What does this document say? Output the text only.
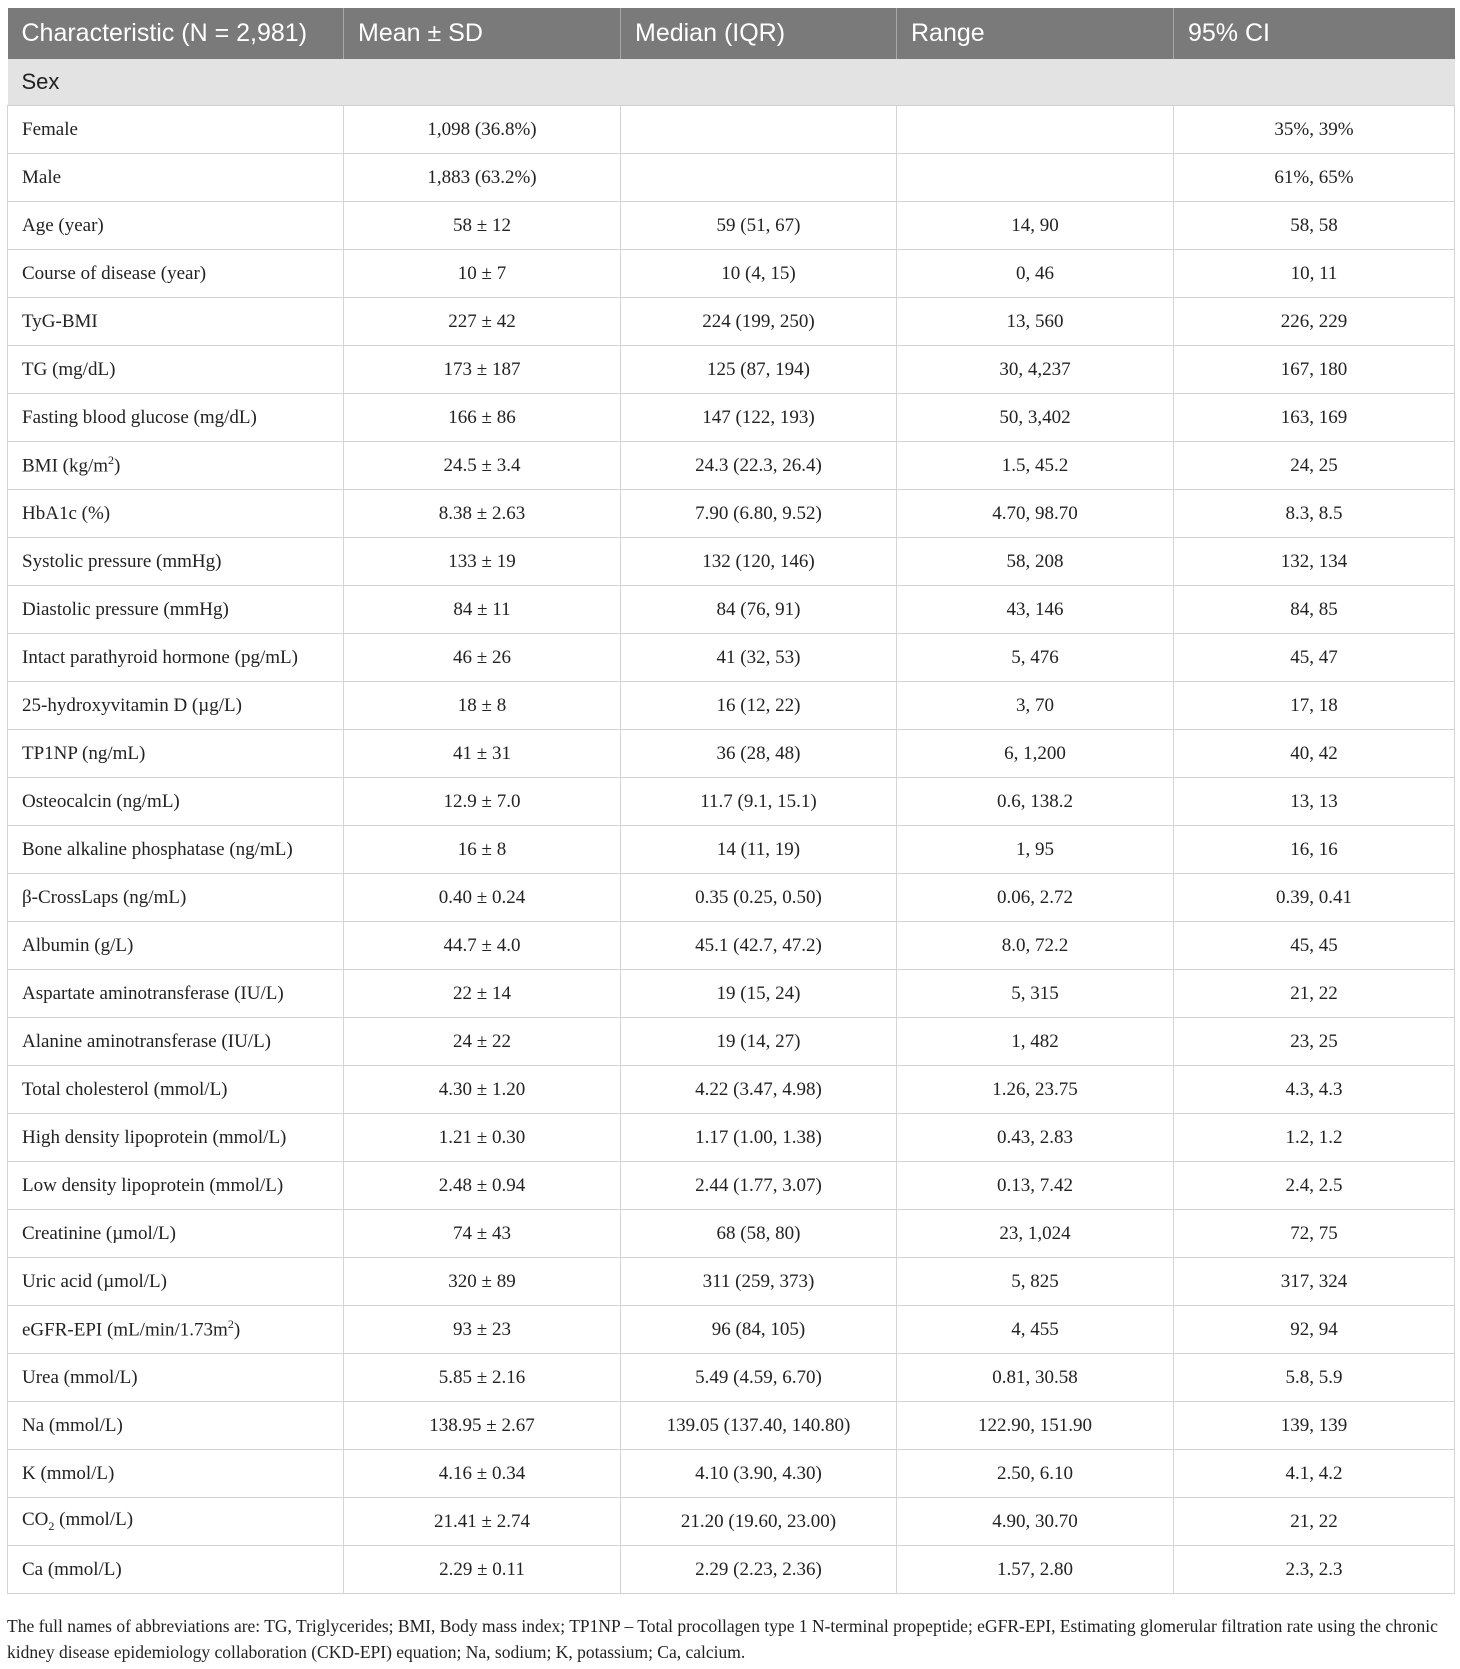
Characteristic (N = 2,981)	Mean ± SD	Median (IQR)	Range	95% CI
Sex				
Female	1,098 (36.8%)			35%, 39%
Male	1,883 (63.2%)			61%, 65%
Age (year)	58 ± 12	59 (51, 67)	14, 90	58, 58
Course of disease (year)	10 ± 7	10 (4, 15)	0, 46	10, 11
TyG-BMI	227 ± 42	224 (199, 250)	13, 560	226, 229
TG (mg/dL)	173 ± 187	125 (87, 194)	30, 4,237	167, 180
Fasting blood glucose (mg/dL)	166 ± 86	147 (122, 193)	50, 3,402	163, 169
BMI $(kg/m^2)$	24.5 ± 3.4	24.3 (22.3, 26.4)	1.5, 45.2	24, 25
HbA1c (%)	8.38 ± 2.63	7.90 (6.80, 9.52)	4.70, 98.70	8.3, 8.5
Systolic pressure (mmHg)	133 ± 19	132 (120, 146)	58, 208	132, 134
Diastolic pressure (mmHg)	84 ± 11	84 (76, 91)	43, 146	84, 85
Intact parathyroid hormone (pg/mL)	46 ± 26	41 (32, 53)	5, 476	45, 47
25-hydroxyvitamin D (µg/L)	18 ± 8	16 (12, 22)	3, 70	17, 18
TP1NP (ng/mL)	41 ± 31	36 (28, 48)	6, 1,200	40, 42
Osteocalcin (ng/mL)	12.9 ± 7.0	11.7 (9.1, 15.1)	0.6, 138.2	13, 13
Bone alkaline phosphatase (ng/mL)	16 ± 8	14 (11, 19)	1, 95	16, 16
β-CrossLaps (ng/mL)	0.40 ± 0.24	0.35 (0.25, 0.50)	0.06, 2.72	0.39, 0.41
Albumin (g/L)	44.7 ± 4.0	45.1 (42.7, 47.2)	8.0, 72.2	45, 45
Aspartate aminotransferase (IU/L)	22 ± 14	19 (15, 24)	5, 315	21, 22
Alanine aminotransferase (IU/L)	24 ± 22	19 (14, 27)	1, 482	23, 25
Total cholesterol (mmol/L)	4.30 ± 1.20	4.22 (3.47, 4.98)	1.26, 23.75	4.3, 4.3
High density lipoprotein (mmol/L)	1.21 ± 0.30	1.17 (1.00, 1.38)	0.43, 2.83	1.2, 1.2
Low density lipoprotein (mmol/L)	2.48 ± 0.94	2.44 (1.77, 3.07)	0.13, 7.42	2.4, 2.5
Creatinine (µmol/L)	74 ± 43	68 (58, 80)	23, 1,024	72, 75
Uric acid (µmol/L)	320 ± 89	311 (259, 373)	5, 825	317, 324
eGFR-EPI $(mL/\min/1.73m^2)$	93 ± 23	96 (84, 105)	4, 455	92, 94
Urea (mmol/L)	5.85 ± 2.16	5.49 (4.59, 6.70)	0.81, 30.58	5.8, 5.9
Na (mmol/L)	138.95 ± 2.67	139.05 (137.40, 140.80)	122.90, 151.90	139, 139
K (mmol/L)	4.16 ± 0.34	4.10 (3.90, 4.30)	2.50, 6.10	4.1, 4.2
$CO_2$ (mmol/L)	21.41 ± 2.74	21.20 (19.60, 23.00)	4.90, 30.70	21, 22
Ca (mmol/L)	2.29 ± 0.11	2.29 (2.23, 2.36)	1.57, 2.80	2.3, 2.3
The full names of abbreviations are: TG, Triglycerides; BMI, Body mass index; TP1NP – Total procollagen type 1 N-terminal propeptide; eGFR-EPI, Estimating glomerular filtration rate using the chronic kidney disease epidemiology collaboration (CKD-EPI) equation; Na, sodium; K, potassium; Ca, calcium.
